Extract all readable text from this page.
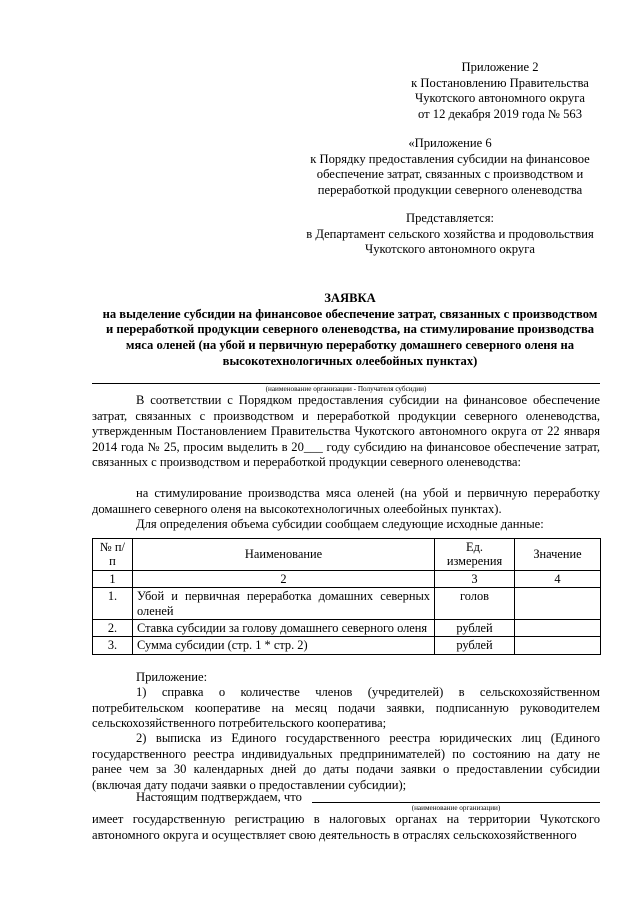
Приложение 2
к Постановлению Правительства
Чукотского автономного округа
от 12 декабря 2019 года № 563
«Приложение 6
к Порядку предоставления субсидии на финансовое
обеспечение затрат, связанных с производством и
переработкой продукции северного оленеводства
Представляется:
в Департамент сельского хозяйства и продовольствия
Чукотского автономного округа
ЗАЯВКА
на выделение субсидии на финансовое обеспечение затрат, связанных с производством
и переработкой продукции северного оленеводства, на стимулирование производства
мяса оленей (на убой и первичную переработку домашнего северного оленя на
высокотехнологичных олеебойных пунктах)
(наименование организации - Получателя субсидии)
В соответствии с Порядком предоставления субсидии на финансовое обеспечение затрат, связанных с производством и переработкой продукции северного оленеводства, утвержденным Постановлением Правительства Чукотского автономного округа от 22 января 2014 года № 25, просим выделить в 20___ году субсидию на финансовое обеспечение затрат, связанных с производством и переработкой продукции северного оленеводства:
на стимулирование производства мяса оленей (на убой и первичную переработку домашнего северного оленя на высокотехнологичных олеебойных пунктах).
Для определения объема субсидии сообщаем следующие исходные данные:
№ п/п	Наименование	Ед. измерения	Значение
1	2	3	4
1.	Убой и первичная переработка домашних северных оленей	голов	
2.	Ставка субсидии за голову домашнего северного оленя	рублей	
3.	Сумма субсидии (стр. 1 * стр. 2)	рублей	
Приложение:
1) справка о количестве членов (учредителей) в сельскохозяйственном потребительском кооперативе на месяц подачи заявки, подписанную руководителем сельскохозяйственного потребительского кооператива;
2) выписка из Единого государственного реестра юридических лиц (Единого государственного реестра индивидуальных предпринимателей) по состоянию на дату не ранее чем за 30 календарных дней до даты подачи заявки о предоставлении субсидии (включая дату подачи заявки о предоставлении субсидии);
Настоящим подтверждаем, что
(наименование организации)
имеет государственную регистрацию в налоговых органах на территории Чукотского автономного округа и осуществляет свою деятельность в отраслях сельскохозяйственного
